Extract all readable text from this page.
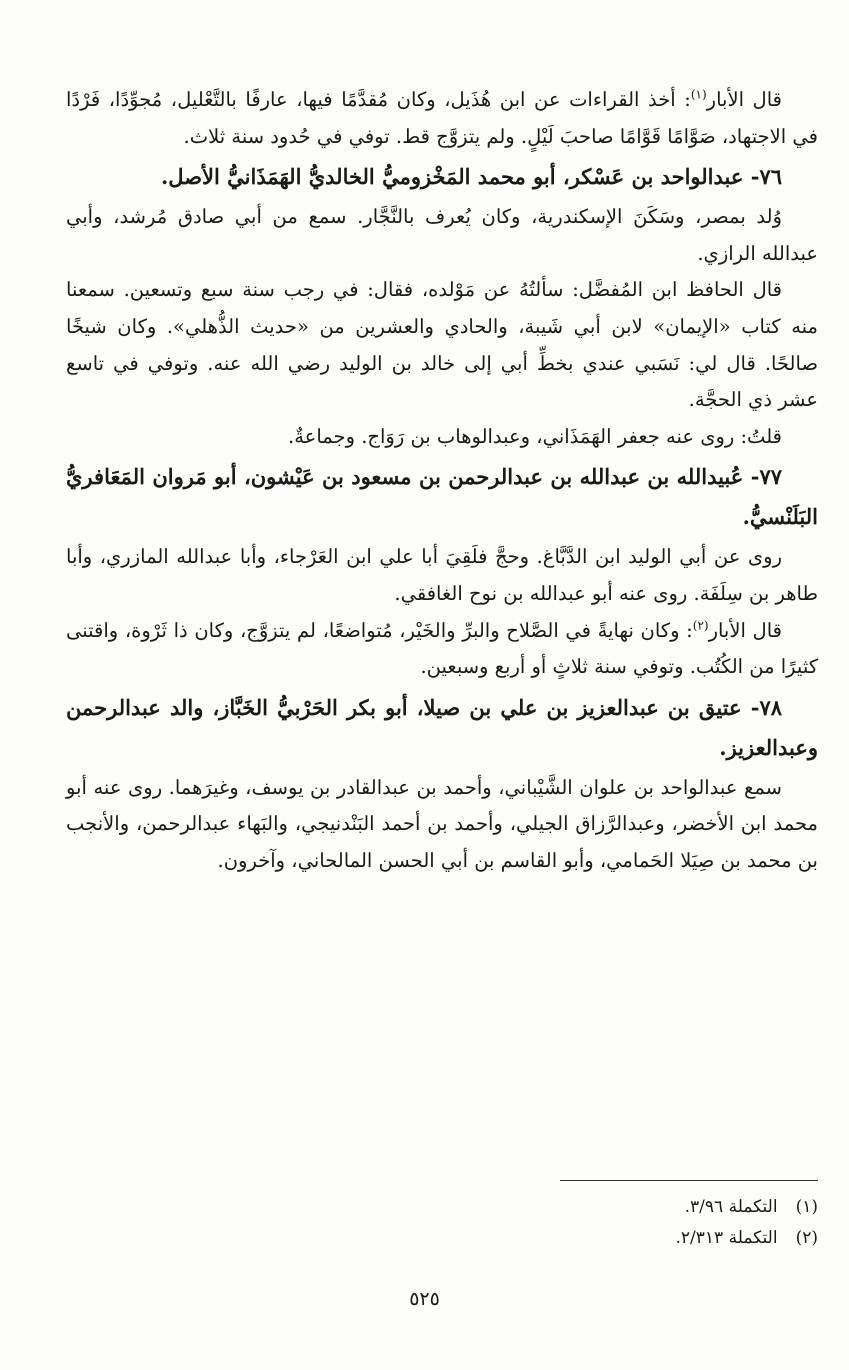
قال الأبار$^{(١)}$: أخذ القراءات عن ابن هُذَيل، وكان مُقدَّمًا فيها، عارفًا بالتَّعْليل، مُجوِّدًا، فَرْدًا في الاجتهاد، صَوَّامًا قَوَّامًا صاحبَ لَيْلٍ. ولم يتزوَّج قط. توفي في حُدود سنة ثلاث.

٧٦- عبدالواحد بن عَسْكر، أبو محمد المَخْزوميُّ الخالديُّ الهَمَذَانيُّ الأصل.

وُلد بمصر، وسَكَنَ الإسكندرية، وكان يُعرف بالنَّجَّار. سمع من أبي صادق مُرشد، وأبي عبدالله الرازي.

قال الحافظ ابن المُفضَّل: سألتُهُ عن مَوْلده، فقال: في رجب سنة سبع وتسعين. سمعنا منه كتاب «الإيمان» لابن أبي شَيبة، والحادي والعشرين من «حديث الذُّهلي». وكان شيخًا صالحًا. قال لي: نَسَبي عندي بخطِّ أبي إلى خالد بن الوليد رضي الله عنه. وتوفي في تاسع عشر ذي الحجَّة.

قلتُ: روى عنه جعفر الهَمَذَاني، وعبدالوهاب بن رَوَاج. وجماعةٌ.

٧٧- عُبيدالله بن عبدالله بن عبدالرحمن بن مسعود بن عَيْشون، أبو مَروان المَعَافريُّ البَلَنْسيُّ.

روى عن أبي الوليد ابن الدَّبَّاغ. وحجَّ فلَقِيَ أبا علي ابن العَرْجاء، وأبا عبدالله المازري، وأبا طاهر بن سِلَفَة. روى عنه أبو عبدالله بن نوح الغافقي.

قال الأبار$^{(٢)}$: وكان نهايةً في الصَّلاح والبرِّ والخَيْر، مُتواضعًا، لم يتزوَّج، وكان ذا ثَرْوة، واقتنى كثيرًا من الكُتُب. وتوفي سنة ثلاثٍ أو أربع وسبعين.

٧٨- عتيق بن عبدالعزيز بن علي بن صيلا، أبو بكر الحَرْبيُّ الخَبَّاز، والد عبدالرحمن وعبدالعزيز.

سمع عبدالواحد بن علوان الشَّيْباني، وأحمد بن عبدالقادر بن يوسف، وغيرَهما. روى عنه أبو محمد ابن الأخضر، وعبدالرَّزاق الجيلي، وأحمد بن أحمد البَنْدنيجي، والبَهاء عبدالرحمن، والأنجب بن محمد بن صِيَلا الحَمامي، وأبو القاسم بن أبي الحسن المالحاني، وآخرون.

(١)التكملة ٣/٩٦.
(٢)التكملة ٢/٣١٣.
٥٢٥
